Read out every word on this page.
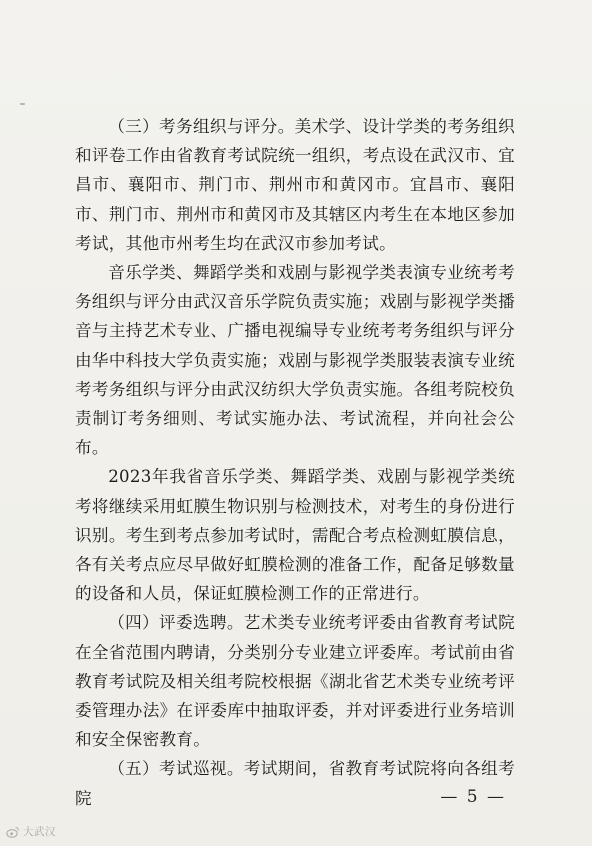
（三）考务组织与评分。美术学、设计学类的考务组织和评卷工作由省教育考试院统一组织，考点设在武汉市、宜昌市、襄阳市、荆门市、荆州市和黄冈市。宜昌市、襄阳市、荆门市、荆州市和黄冈市及其辖区内考生在本地区参加考试，其他市州考生均在武汉市参加考试。

音乐学类、舞蹈学类和戏剧与影视学类表演专业统考考务组织与评分由武汉音乐学院负责实施；戏剧与影视学类播音与主持艺术专业、广播电视编导专业统考考务组织与评分由华中科技大学负责实施；戏剧与影视学类服装表演专业统考考务组织与评分由武汉纺织大学负责实施。各组考院校负责制订考务细则、考试实施办法、考试流程，并向社会公布。

2023年我省音乐学类、舞蹈学类、戏剧与影视学类统考将继续采用虹膜生物识别与检测技术，对考生的身份进行识别。考生到考点参加考试时，需配合考点检测虹膜信息，各有关考点应尽早做好虹膜检测的准备工作，配备足够数量的设备和人员，保证虹膜检测工作的正常进行。

（四）评委选聘。艺术类专业统考评委由省教育考试院在全省范围内聘请，分类别分专业建立评委库。考试前由省教育考试院及相关组考院校根据《湖北省艺术类专业统考评委管理办法》在评委库中抽取评委，并对评委进行业务培训和安全保密教育。

（五）考试巡视。考试期间，省教育考试院将向各组考院	— 5 —
大武汉
